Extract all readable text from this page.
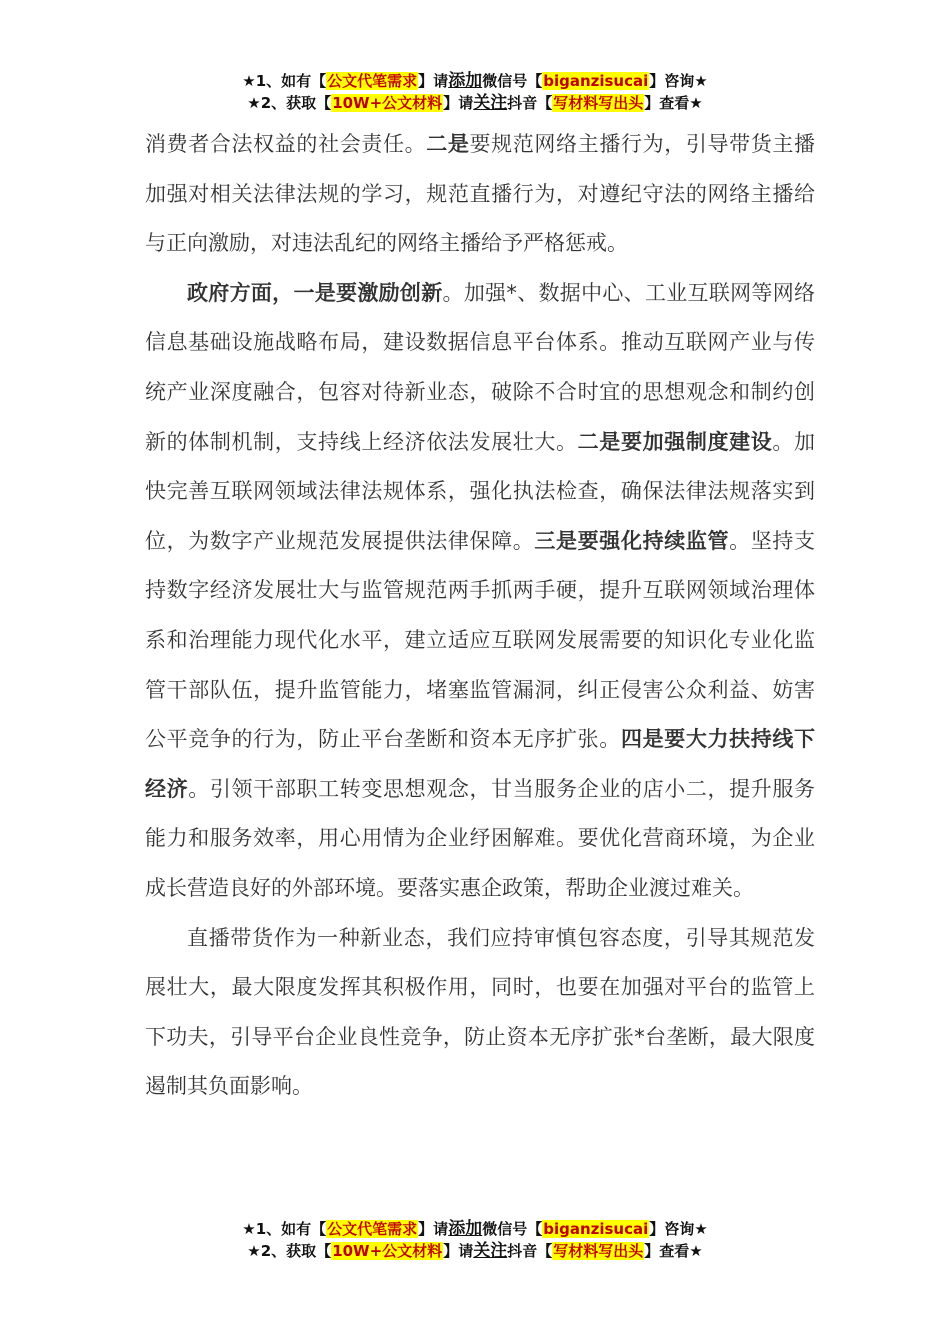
★1、如有【公文代笔需求】请添加微信号【biganzisucai】咨询★
★2、获取【10W+公文材料】请关注抖音【写材料写出头】查看★

消费者合法权益的社会责任。二是要规范网络主播行为，引导带货主播加强对相关法律法规的学习，规范直播行为，对遵纪守法的网络主播给与正向激励，对违法乱纪的网络主播给予严格惩戒。

政府方面，一是要激励创新。加强*、数据中心、工业互联网等网络信息基础设施战略布局，建设数据信息平台体系。推动互联网产业与传统产业深度融合，包容对待新业态，破除不合时宜的思想观念和制约创新的体制机制，支持线上经济依法发展壮大。二是要加强制度建设。加快完善互联网领域法律法规体系，强化执法检查，确保法律法规落实到位，为数字产业规范发展提供法律保障。三是要强化持续监管。坚持支持数字经济发展壮大与监管规范两手抓两手硬，提升互联网领域治理体系和治理能力现代化水平，建立适应互联网发展需要的知识化专业化监管干部队伍，提升监管能力，堵塞监管漏洞，纠正侵害公众利益、妨害公平竞争的行为，防止平台垄断和资本无序扩张。四是要大力扶持线下经济。引领干部职工转变思想观念，甘当服务企业的店小二，提升服务能力和服务效率，用心用情为企业纾困解难。要优化营商环境，为企业成长营造良好的外部环境。要落实惠企政策，帮助企业渡过难关。

直播带货作为一种新业态，我们应持审慎包容态度，引导其规范发展壮大，最大限度发挥其积极作用，同时，也要在加强对平台的监管上下功夫，引导平台企业良性竞争，防止资本无序扩张*台垄断，最大限度遏制其负面影响。

★1、如有【公文代笔需求】请添加微信号【biganzisucai】咨询★
★2、获取【10W+公文材料】请关注抖音【写材料写出头】查看★
